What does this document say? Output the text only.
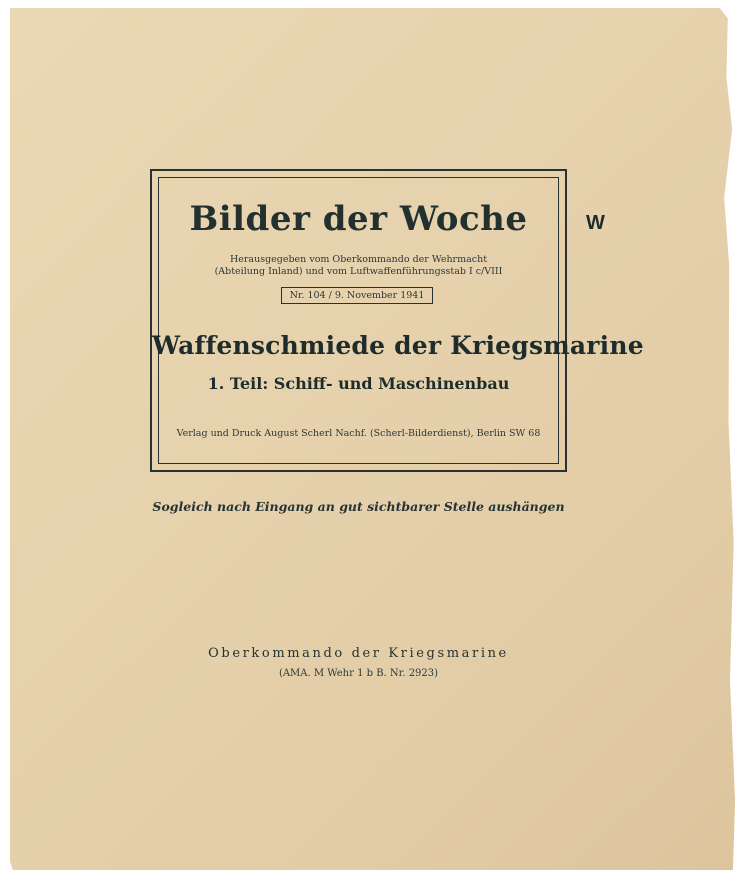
Bilder der Woche
Herausgegeben vom Oberkommando der Wehrmacht
(Abteilung Inland) und vom Luftwaffenführungsstab I c/VIII
Nr. 104 / 9. November 1941
Waffenschmiede der Kriegsmarine
1. Teil: Schiff- und Maschinenbau
Verlag und Druck August Scherl Nachf. (Scherl-Bilderdienst), Berlin SW 68
W
Sogleich nach Eingang an gut sichtbarer Stelle aushängen
Oberkommando der Kriegsmarine
(AMA. M Wehr 1 b B. Nr. 2923)
